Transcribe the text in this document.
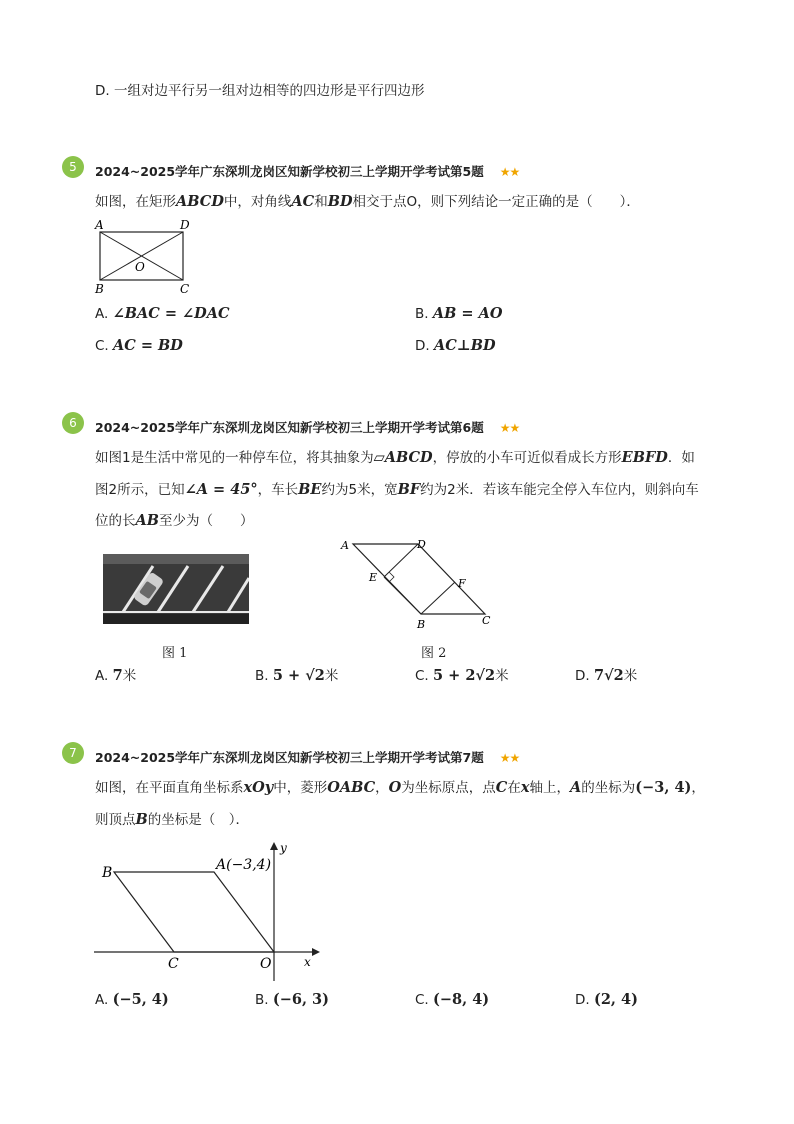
D. 一组对边平行另一组对边相等的四边形是平行四边形
5	2024~2025学年广东深圳龙岗区知新学校初三上学期开学考试第5题 ★★
如图，在矩形ABCD中，对角线AC和BD相交于点O，则下列结论一定正确的是（　　）．
A	D
O
B	C
A. ∠BAC = ∠DAC	B. AB = AO
C. AC = BD	D. AC⊥BD
6	2024~2025学年广东深圳龙岗区知新学校初三上学期开学考试第6题 ★★
如图1是生活中常见的一种停车位，将其抽象为▱ABCD，停放的小车可近似看成长方形EBFD．如
图2所示，已知∠A = 45°，车长BE约为5米，宽BF约为2米．若该车能完全停入车位内，则斜向车
位的长AB至少为（　　）
图 1
A	D
E	F
B	C
图 2
A. 7米	B. 5 + √2米	C. 5 + 2√2米	D. 7√2米
7	2024~2025学年广东深圳龙岗区知新学校初三上学期开学考试第7题 ★★
如图，在平面直角坐标系xOy中，菱形OABC，O为坐标原点，点C在x轴上，A的坐标为(−3, 4)，
则顶点B的坐标是（　）．
B	A(−3,4)
y
x
C	O
A. (−5, 4)	B. (−6, 3)	C. (−8, 4)	D. (2, 4)
